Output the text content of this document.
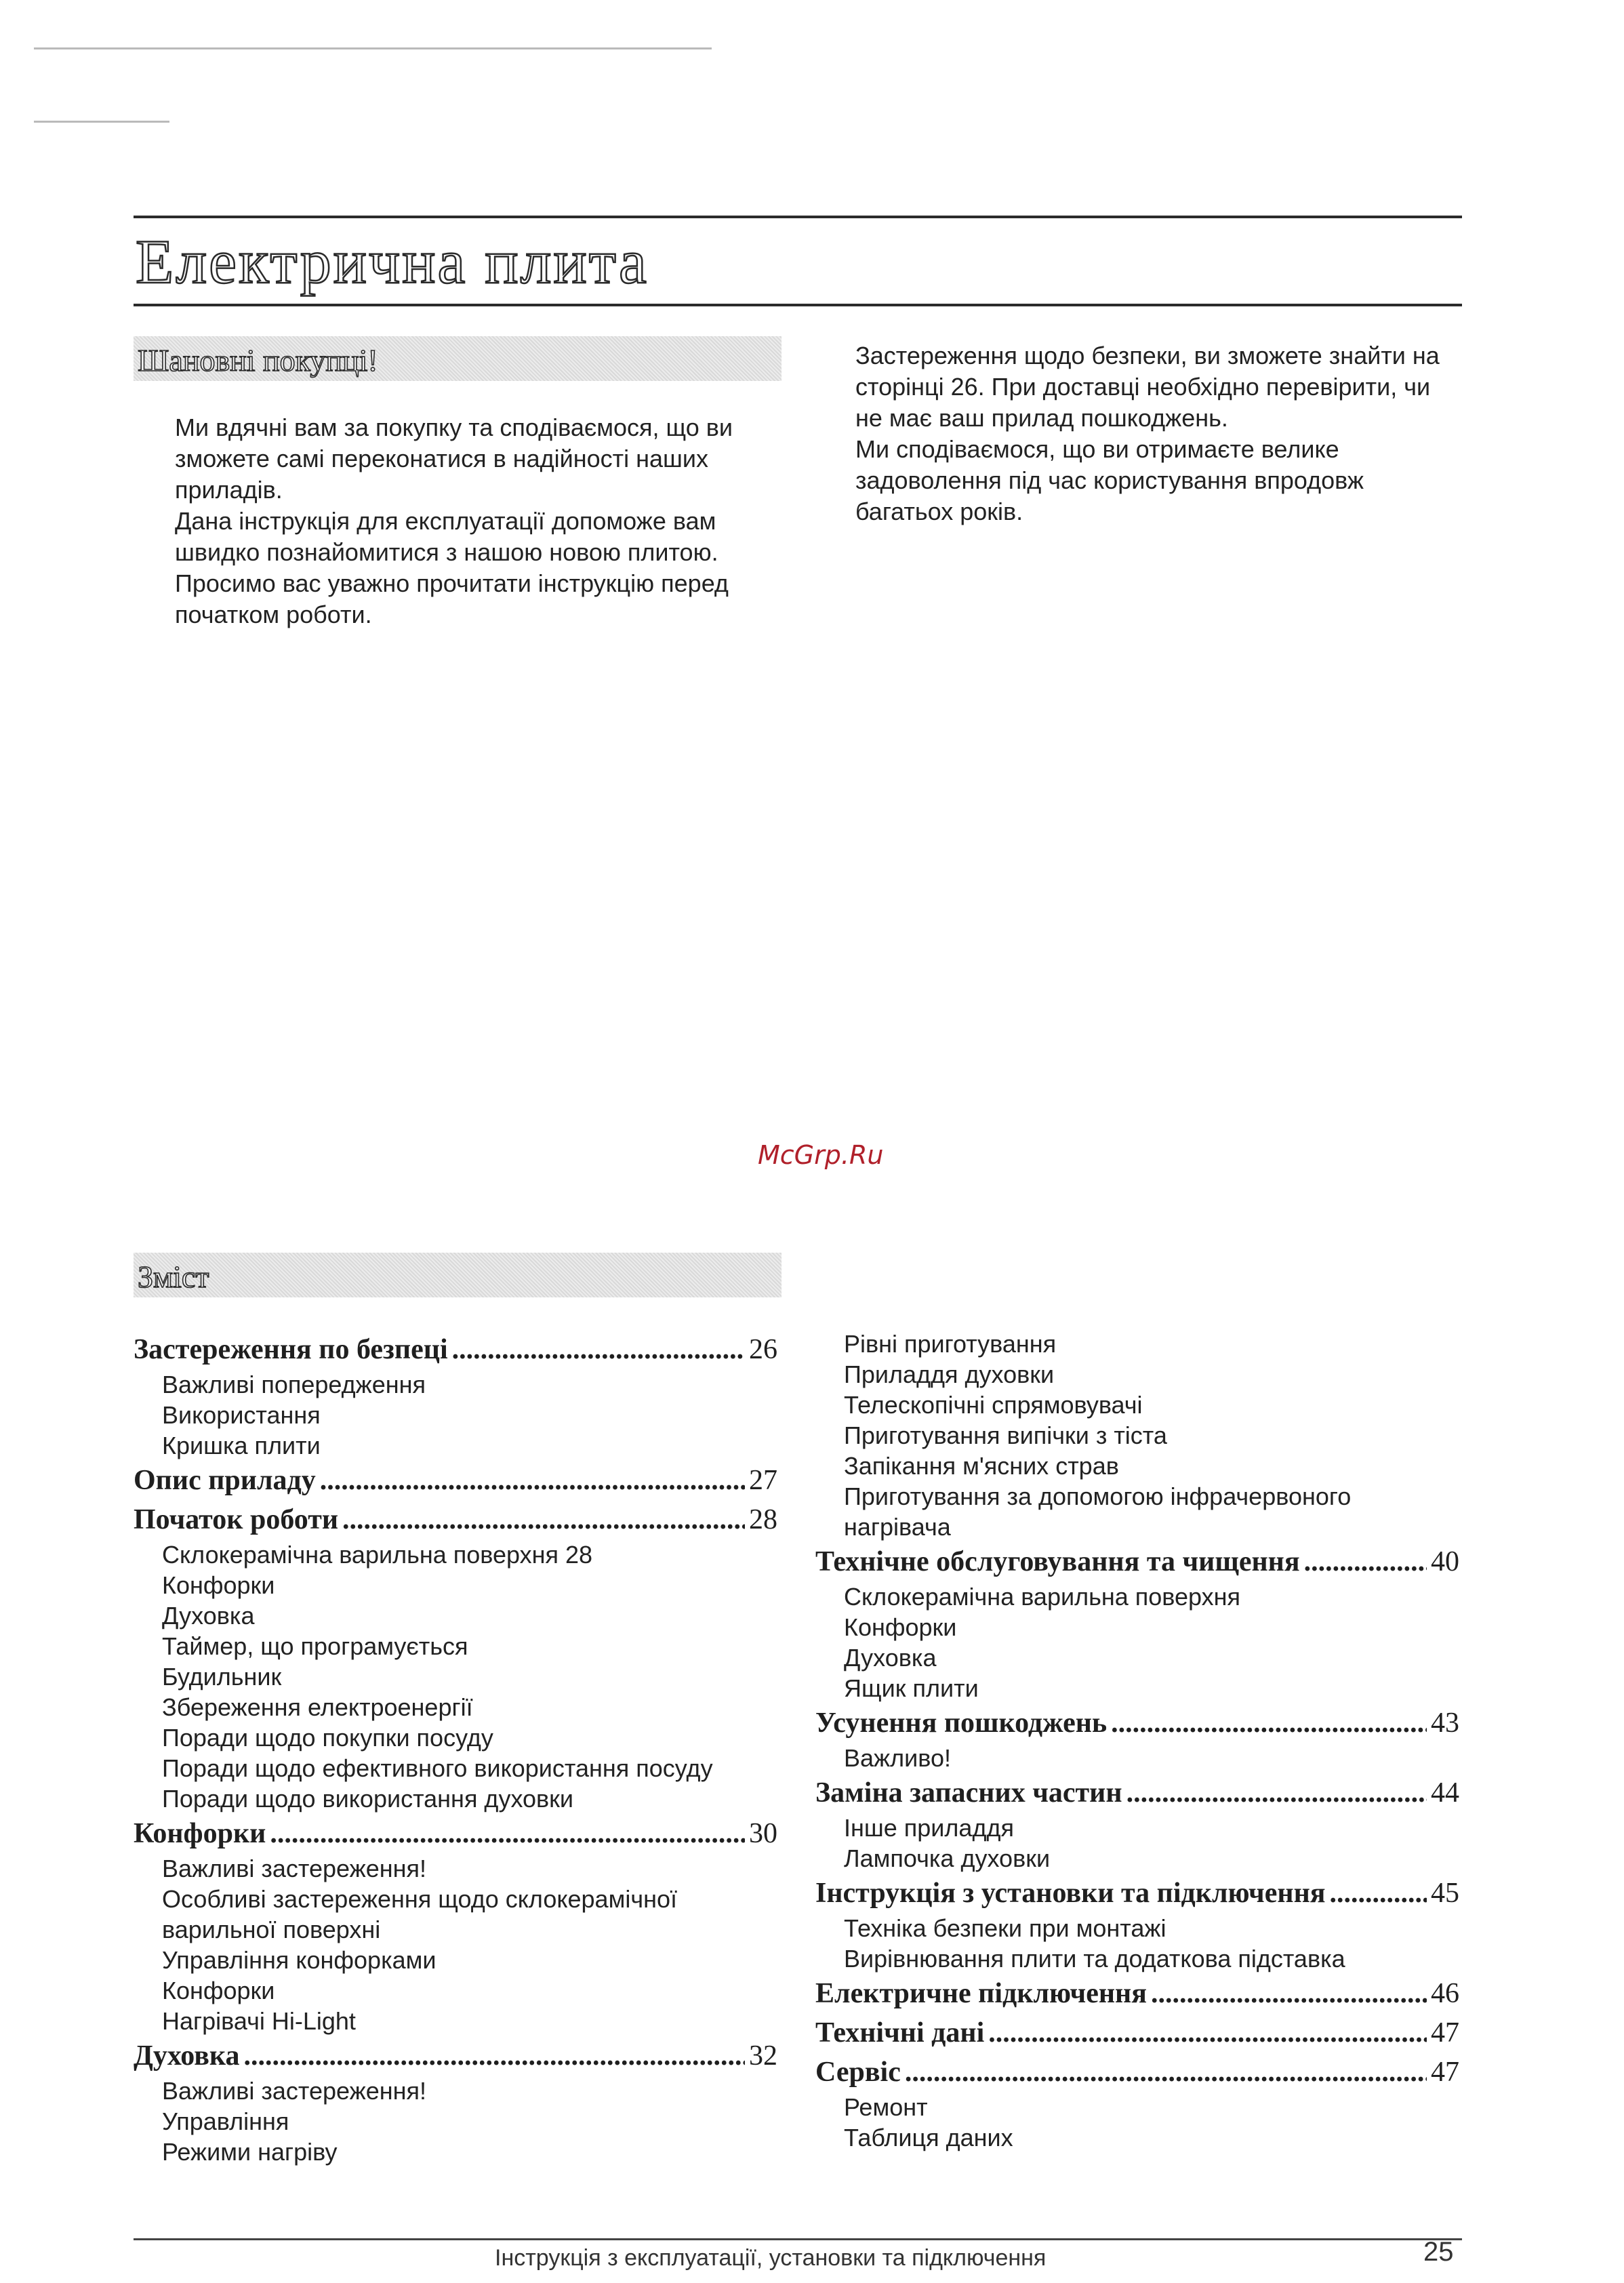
Електрична плита
Шановні покупці!

Ми вдячні вам за покупку та сподіваємося, що ви зможете самі переконатися в надійності наших приладів.

Дана інструкція для експлуатації допоможе вам швидко познайомитися з нашою новою плитою. Просимо вас уважно прочитати інструкцію перед початком роботи.

Застереження щодо безпеки, ви зможете знайти на сторінці 26. При доставці необхідно перевірити, чи не має ваш прилад пошкоджень.

Ми сподіваємося, що ви отримаєте велике задоволення під час користування впродовж багатьох років.

McGrp.Ru
Зміст
Застереження по безпеці .....	26
Важливі попередження
Використання
Кришка плити
Опис приладу .....	27
Початок роботи .....	28
Склокерамічна варильна поверхня 28
Конфорки
Духовка
Таймер, що програмується
Будильник
Збереження електроенергії
Поради щодо покупки посуду
Поради щодо ефективного використання посуду
Поради щодо використання духовки
Конфорки .....	30
Важливі застереження!
Особливі застереження щодо склокерамічної варильної поверхні
Управління конфорками
Конфорки
Нагрівачі Hi-Light
Духовка .....	32
Важливі застереження!
Управління
Режими нагріву
Рівні приготування
Приладдя духовки
Телескопічні спрямовувачі
Приготування випічки з тіста
Запікання м'ясних страв
Приготування за допомогою інфрачервоного нагрівача
Технічне обслуговування та чищення .....	40
Склокерамічна варильна поверхня
Конфорки
Духовка
Ящик плити
Усунення пошкоджень .....	43
Важливо!
Заміна запасних частин .....	44
Інше приладдя
Лампочка духовки
Інструкція з установки та підключення .....	45
Техніка безпеки при монтажі
Вирівнювання плити та додаткова підставка
Електричне підключення .....	46
Технічні дані .....	47
Сервіс .....	47
Ремонт
Таблиця даних
Інструкція з експлуатації, установки та підключення	25
